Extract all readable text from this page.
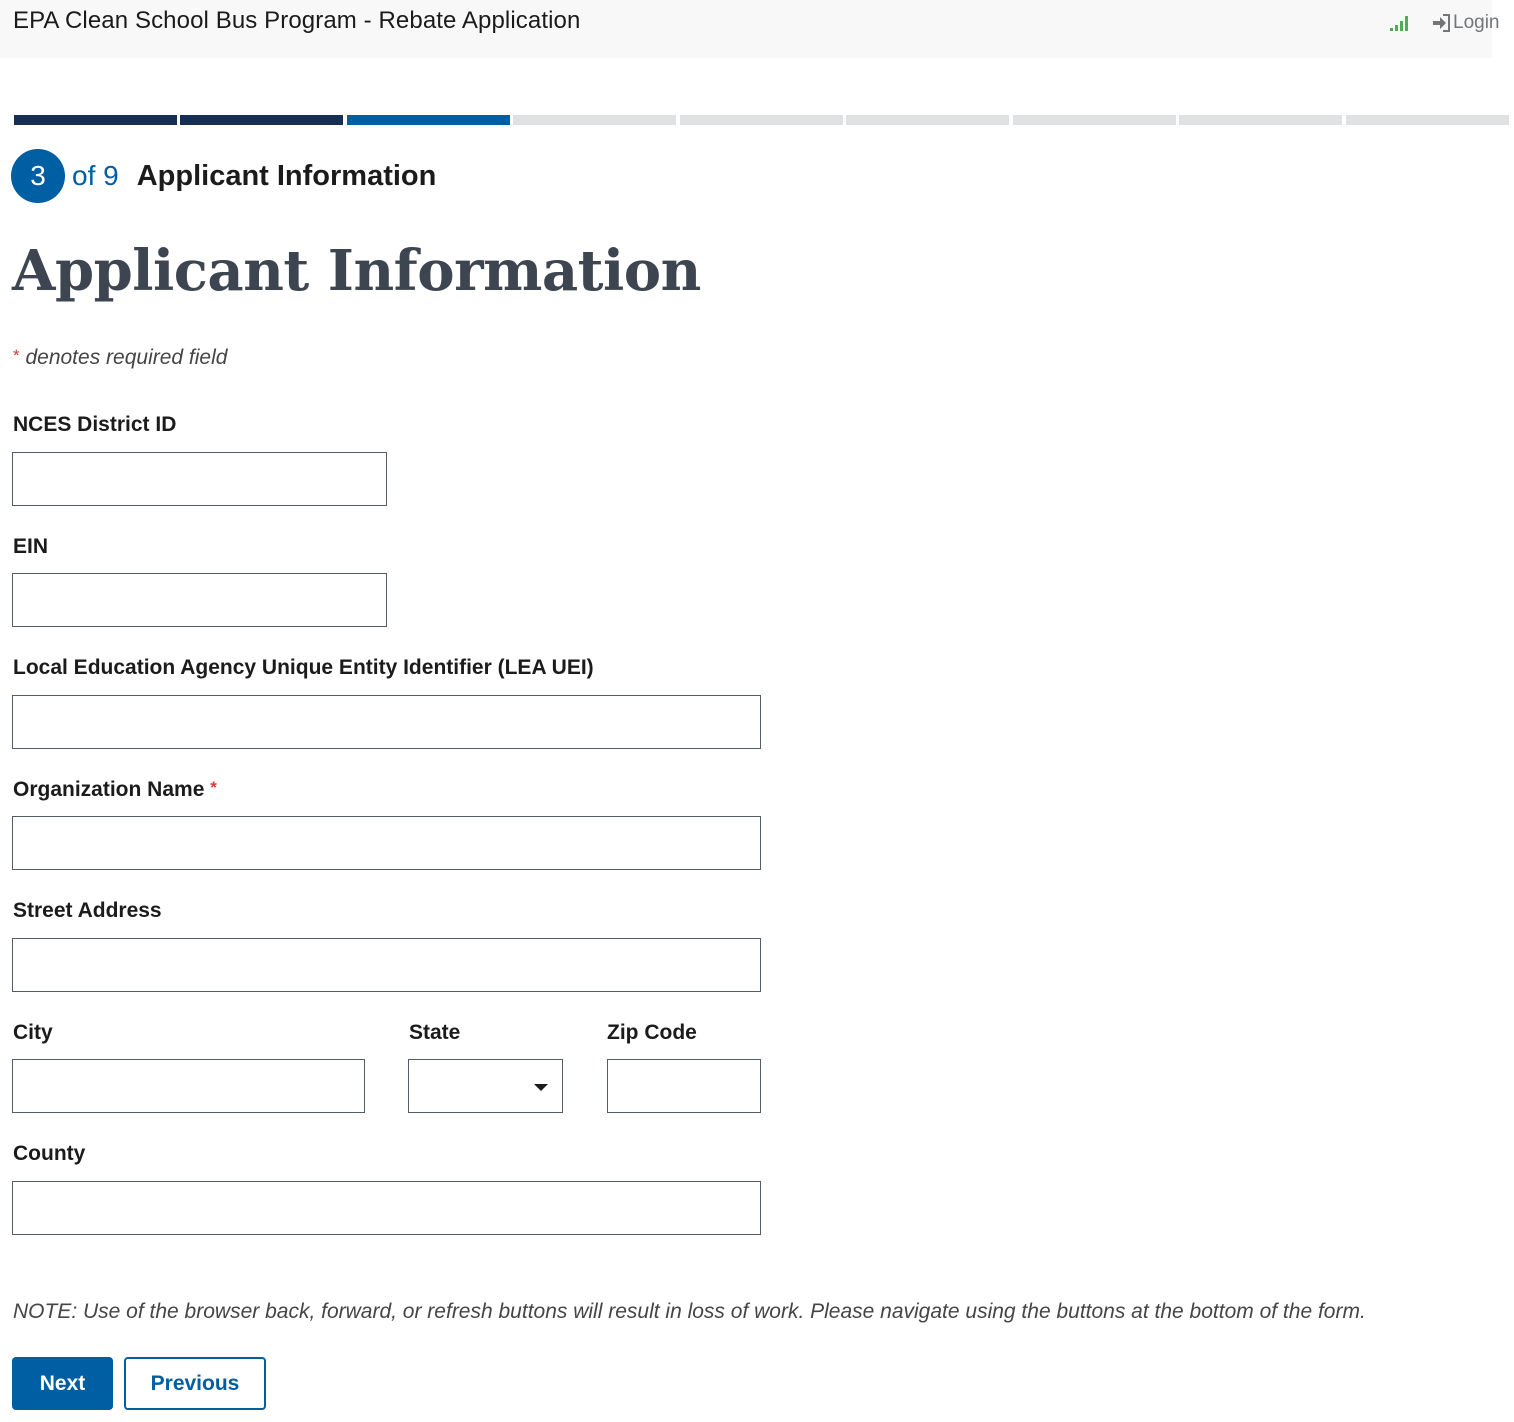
EPA Clean School Bus Program - Rebate Application	Login
3 of 9 Applicant Information
Applicant Information
* denotes required field
NCES District ID
EIN
Local Education Agency Unique Entity Identifier (LEA UEI)
Organization Name *
Street Address
City	State	Zip Code
County
NOTE: Use of the browser back, forward, or refresh buttons will result in loss of work. Please navigate using the buttons at the bottom of the form.
Next	Previous
